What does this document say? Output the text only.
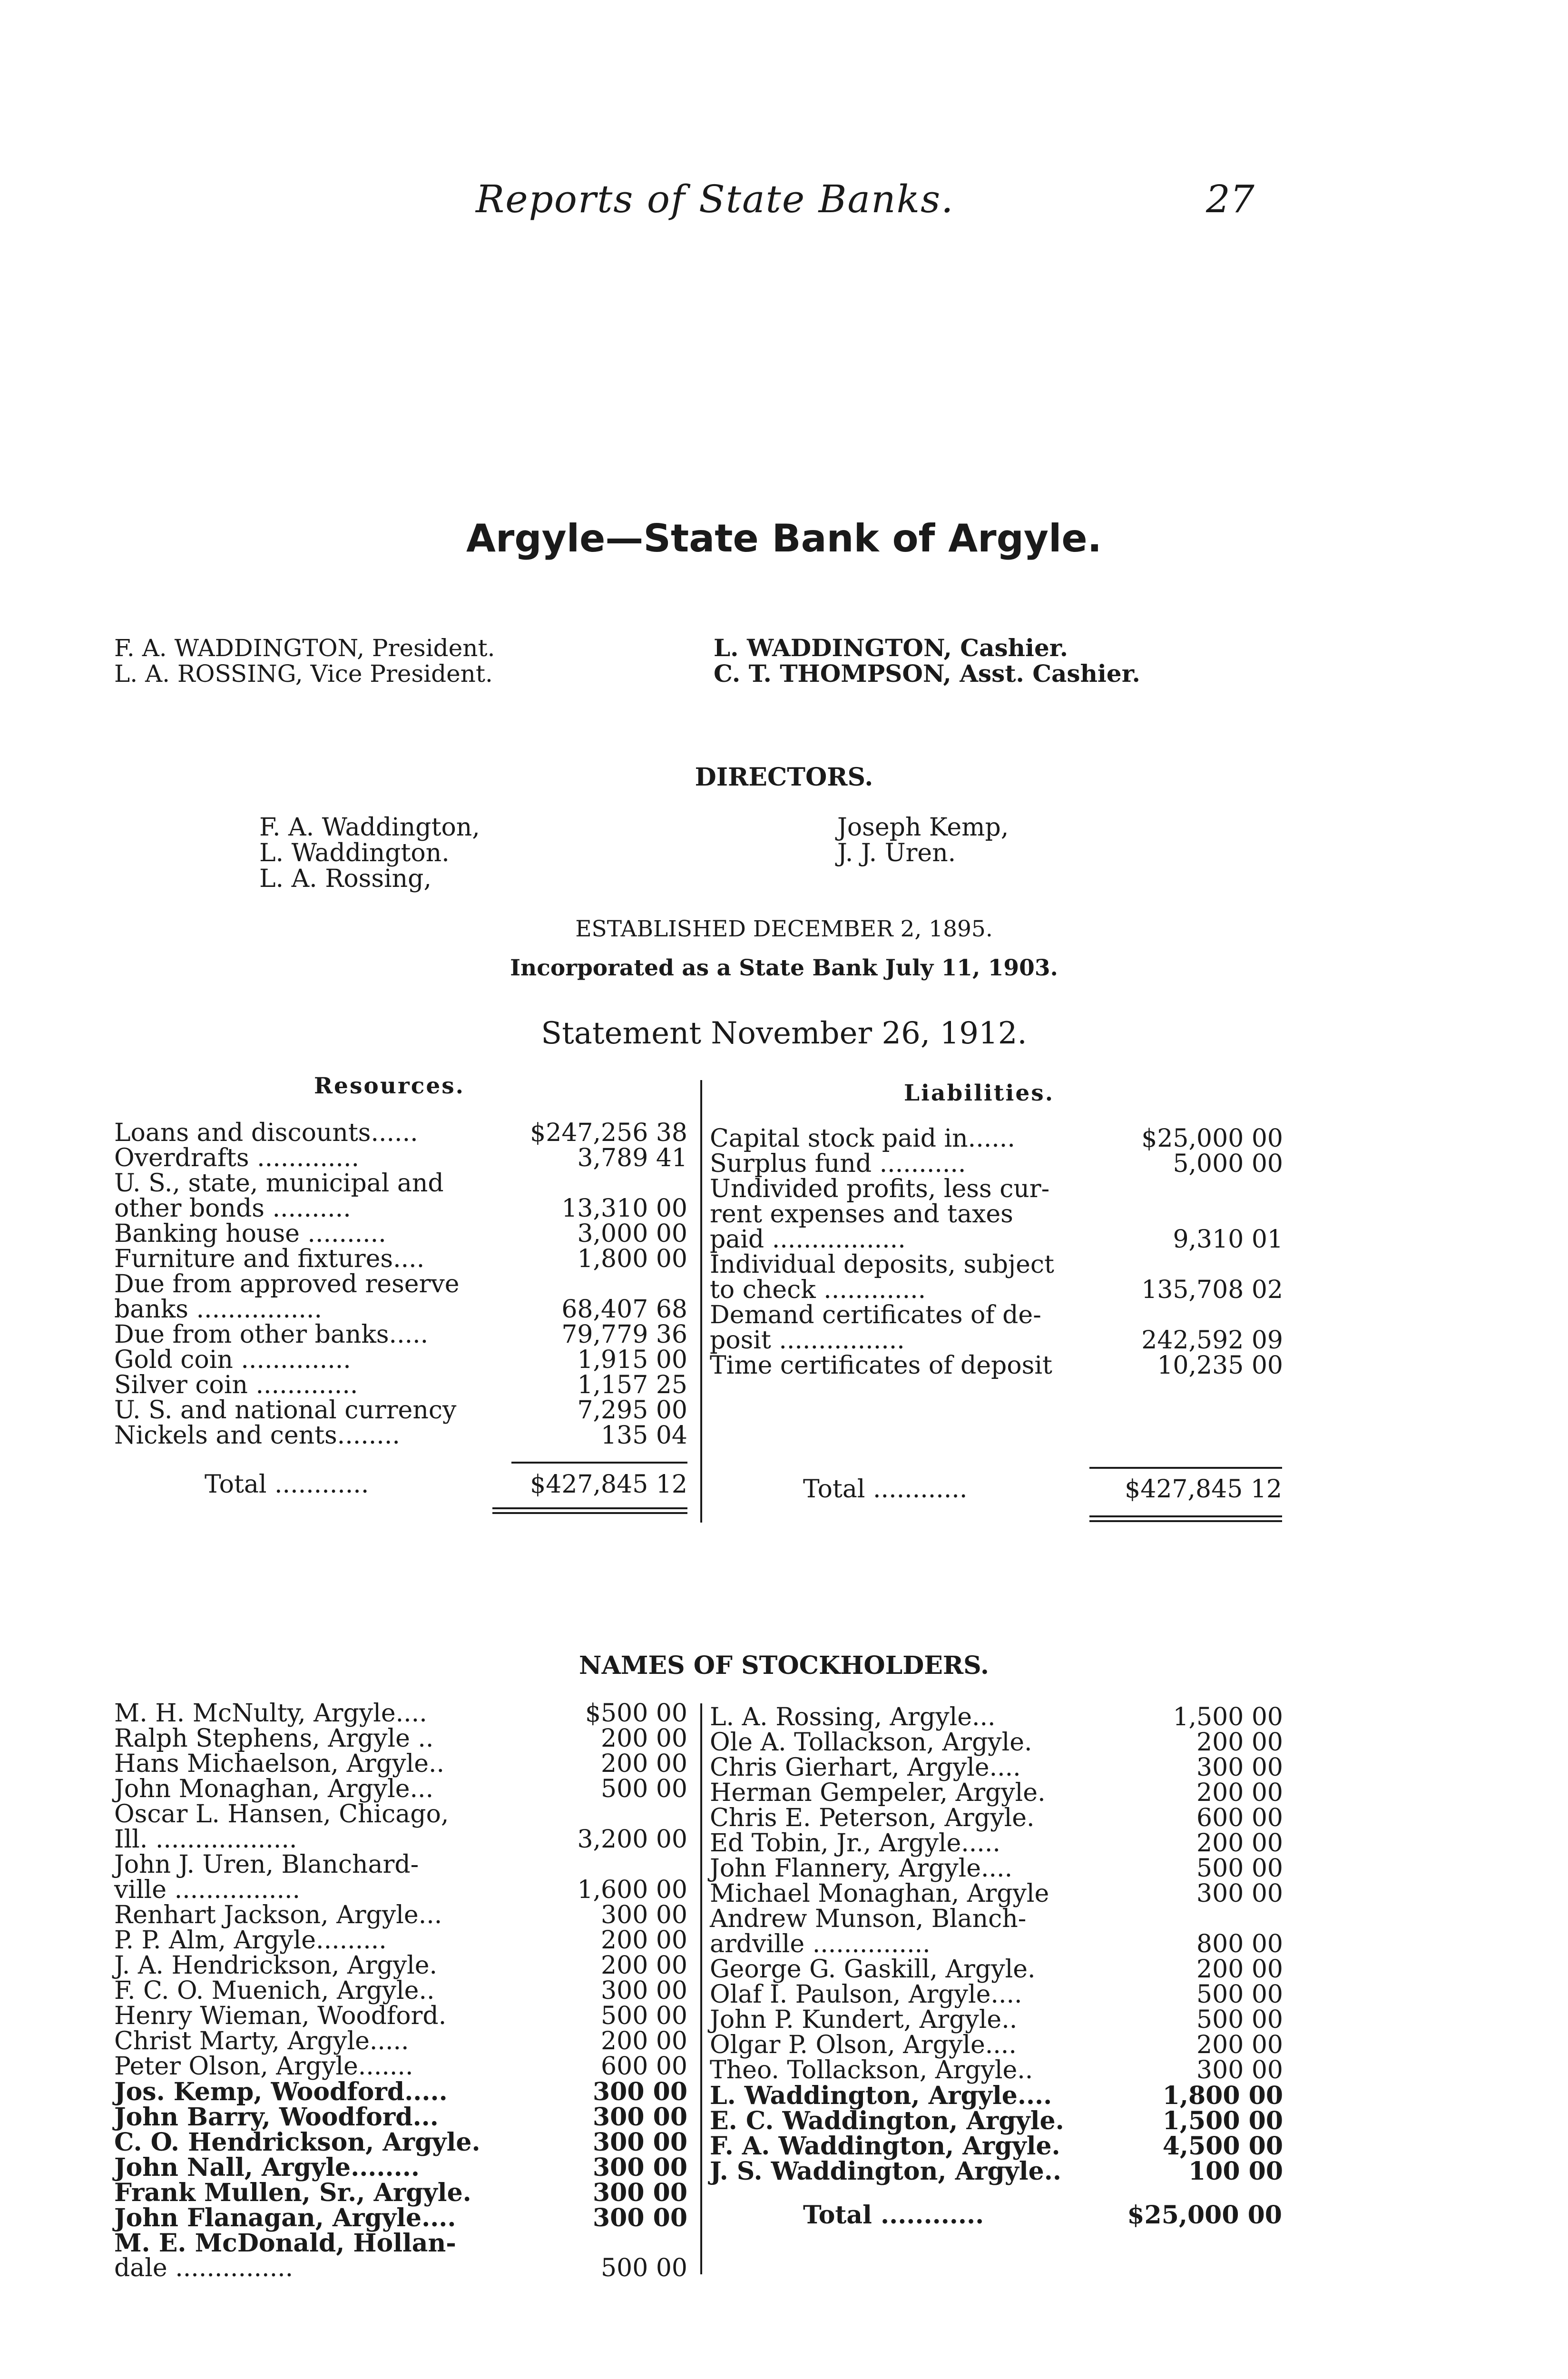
Reports of State Banks.	27
Argyle—State Bank of Argyle.
F. A. WADDINGTON, President.
L. A. ROSSING, Vice President.
L. WADDINGTON, Cashier.
C. T. THOMPSON, Asst. Cashier.
DIRECTORS.
F. A. Waddington,
L. Waddington.
L. A. Rossing,
Joseph Kemp,
J. J. Uren.
ESTABLISHED DECEMBER 2, 1895.
Incorporated as a State Bank July 11, 1903.
Statement November 26, 1912.
Resources.	Liabilities.
Loans and discounts......	$247,256 38
Overdrafts .............	3,789 41
U. S., state, municipal and
other bonds ..........	13,310 00
Banking house ..........	3,000 00
Furniture and fixtures....	1,800 00
Due from approved reserve
banks ................	68,407 68
Due from other banks.....	79,779 36
Gold coin ..............	1,915 00
Silver coin .............	1,157 25
U. S. and national currency	7,295 00
Nickels and cents........	135 04
Total ............	$427,845 12
Capital stock paid in......	$25,000 00
Surplus fund ...........	5,000 00
Undivided profits, less cur-
rent expenses and taxes
paid .................	9,310 01
Individual deposits, subject
to check .............	135,708 02
Demand certificates of de-
posit ................	242,592 09
Time certificates of deposit	10,235 00
Total ............	$427,845 12
NAMES OF STOCKHOLDERS.
M. H. McNulty, Argyle....	$500 00
Ralph Stephens, Argyle ..	200 00
Hans Michaelson, Argyle..	200 00
John Monaghan, Argyle...	500 00
Oscar L. Hansen, Chicago,
Ill. ..................	3,200 00
John J. Uren, Blanchard-
ville ................	1,600 00
Renhart Jackson, Argyle...	300 00
P. P. Alm, Argyle.........	200 00
J. A. Hendrickson, Argyle.	200 00
F. C. O. Muenich, Argyle..	300 00
Henry Wieman, Woodford.	500 00
Christ Marty, Argyle.....	200 00
Peter Olson, Argyle.......	600 00
Jos. Kemp, Woodford.....	300 00
John Barry, Woodford...	300 00
C. O. Hendrickson, Argyle.	300 00
John Nall, Argyle........	300 00
Frank Mullen, Sr., Argyle.	300 00
John Flanagan, Argyle....	300 00
M. E. McDonald, Hollan-
dale ...............	500 00
L. A. Rossing, Argyle...	1,500 00
Ole A. Tollackson, Argyle.	200 00
Chris Gierhart, Argyle....	300 00
Herman Gempeler, Argyle.	200 00
Chris E. Peterson, Argyle.	600 00
Ed Tobin, Jr., Argyle.....	200 00
John Flannery, Argyle....	500 00
Michael Monaghan, Argyle	300 00
Andrew Munson, Blanch-
ardville ...............	800 00
George G. Gaskill, Argyle.	200 00
Olaf I. Paulson, Argyle....	500 00
John P. Kundert, Argyle..	500 00
Olgar P. Olson, Argyle....	200 00
Theo. Tollackson, Argyle..	300 00
L. Waddington, Argyle....	1,800 00
E. C. Waddington, Argyle.	1,500 00
F. A. Waddington, Argyle.	4,500 00
J. S. Waddington, Argyle..	100 00
Total ............	$25,000 00
